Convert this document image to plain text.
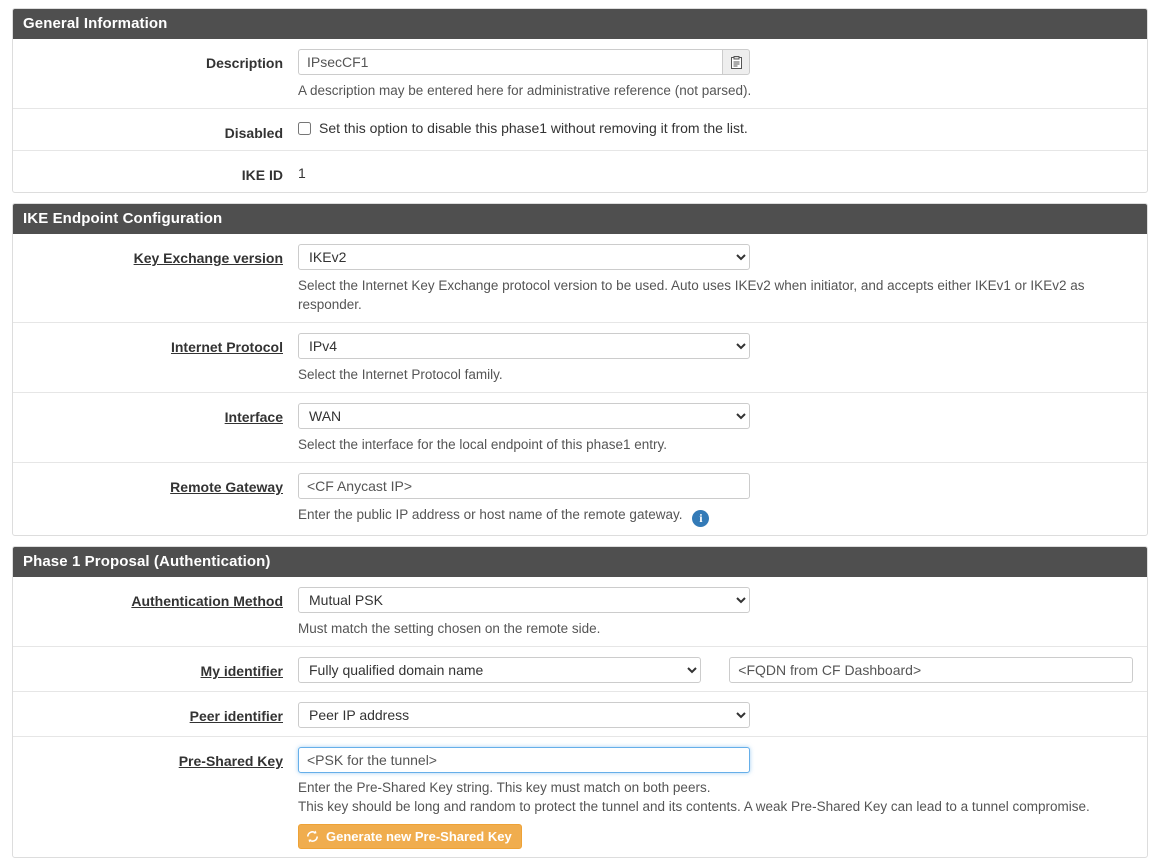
General Information
Description
IPsecCF1
A description may be entered here for administrative reference (not parsed).
Disabled	Set this option to disable this phase1 without removing it from the list.
IKE ID	1
IKE Endpoint Configuration
Key Exchange version
IKEv2
Select the Internet Key Exchange protocol version to be used. Auto uses IKEv2 when initiator, and accepts either IKEv1 or IKEv2 as responder.
Internet Protocol
IPv4
Select the Internet Protocol family.
Interface
WAN
Select the interface for the local endpoint of this phase1 entry.
Remote Gateway
<CF Anycast IP>
Enter the public IP address or host name of the remote gateway. i
Phase 1 Proposal (Authentication)
Authentication Method
Mutual PSK
Must match the setting chosen on the remote side.
My identifier
Fully qualified domain name
<FQDN from CF Dashboard>
Peer identifier
Peer IP address
Pre-Shared Key
<PSK for the tunnel>
Enter the Pre-Shared Key string. This key must match on both peers.
This key should be long and random to protect the tunnel and its contents. A weak Pre-Shared Key can lead to a tunnel compromise.
Generate new Pre-Shared Key
